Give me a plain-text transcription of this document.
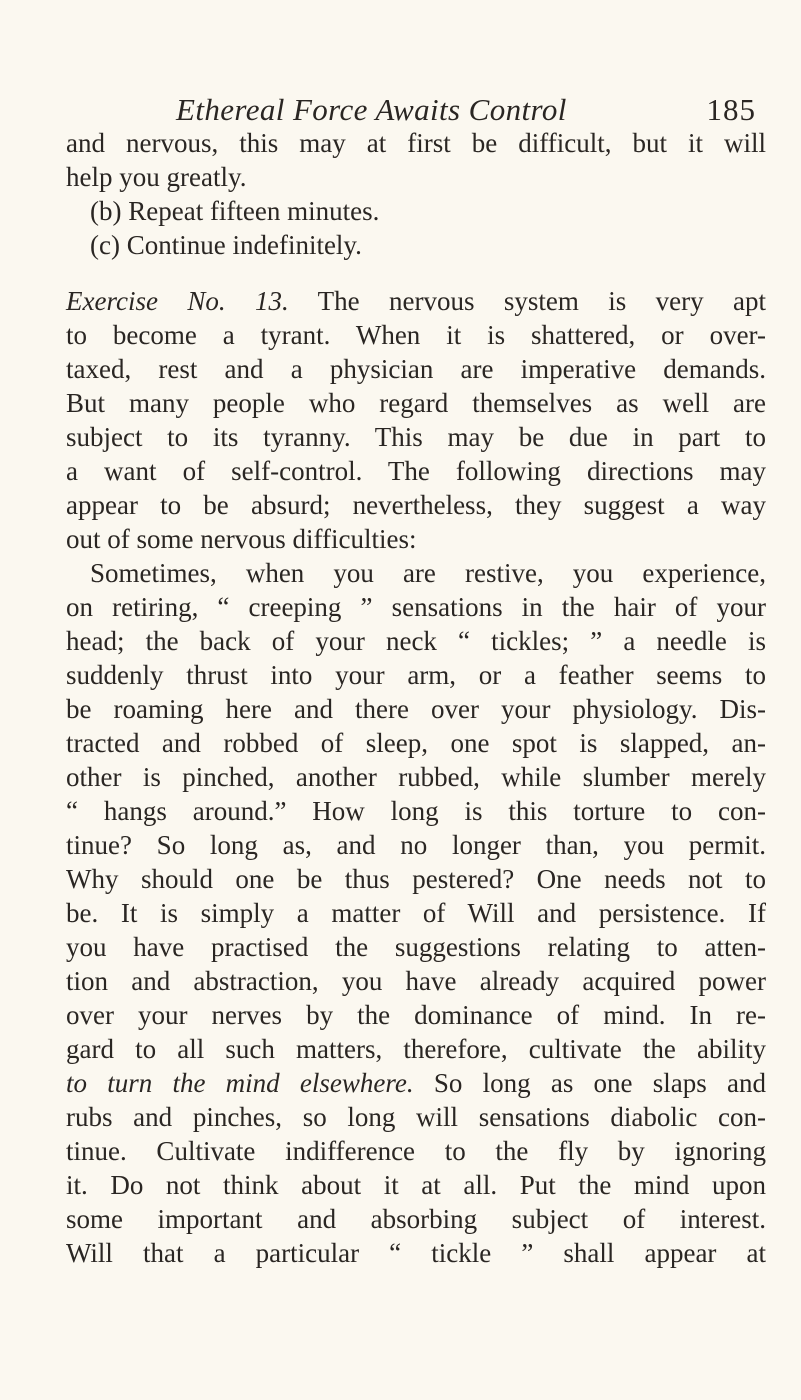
Ethereal Force Awaits Control	185
and nervous, this may at first be difficult, but it will
help you greatly.
(b) Repeat fifteen minutes.
(c) Continue indefinitely.
Exercise No. 13. The nervous system is very apt
to become a tyrant. When it is shattered, or over-
taxed, rest and a physician are imperative demands.
But many people who regard themselves as well are
subject to its tyranny. This may be due in part to
a want of self-control. The following directions may
appear to be absurd; nevertheless, they suggest a way
out of some nervous difficulties:
Sometimes, when you are restive, you experience,
on retiring, “ creeping ” sensations in the hair of your
head; the back of your neck “ tickles; ” a needle is
suddenly thrust into your arm, or a feather seems to
be roaming here and there over your physiology. Dis-
tracted and robbed of sleep, one spot is slapped, an-
other is pinched, another rubbed, while slumber merely
“ hangs around.” How long is this torture to con-
tinue? So long as, and no longer than, you permit.
Why should one be thus pestered? One needs not to
be. It is simply a matter of Will and persistence. If
you have practised the suggestions relating to atten-
tion and abstraction, you have already acquired power
over your nerves by the dominance of mind. In re-
gard to all such matters, therefore, cultivate the ability
to turn the mind elsewhere. So long as one slaps and
rubs and pinches, so long will sensations diabolic con-
tinue. Cultivate indifference to the fly by ignoring
it. Do not think about it at all. Put the mind upon
some important and absorbing subject of interest.
Will that a particular “ tickle ” shall appear at
